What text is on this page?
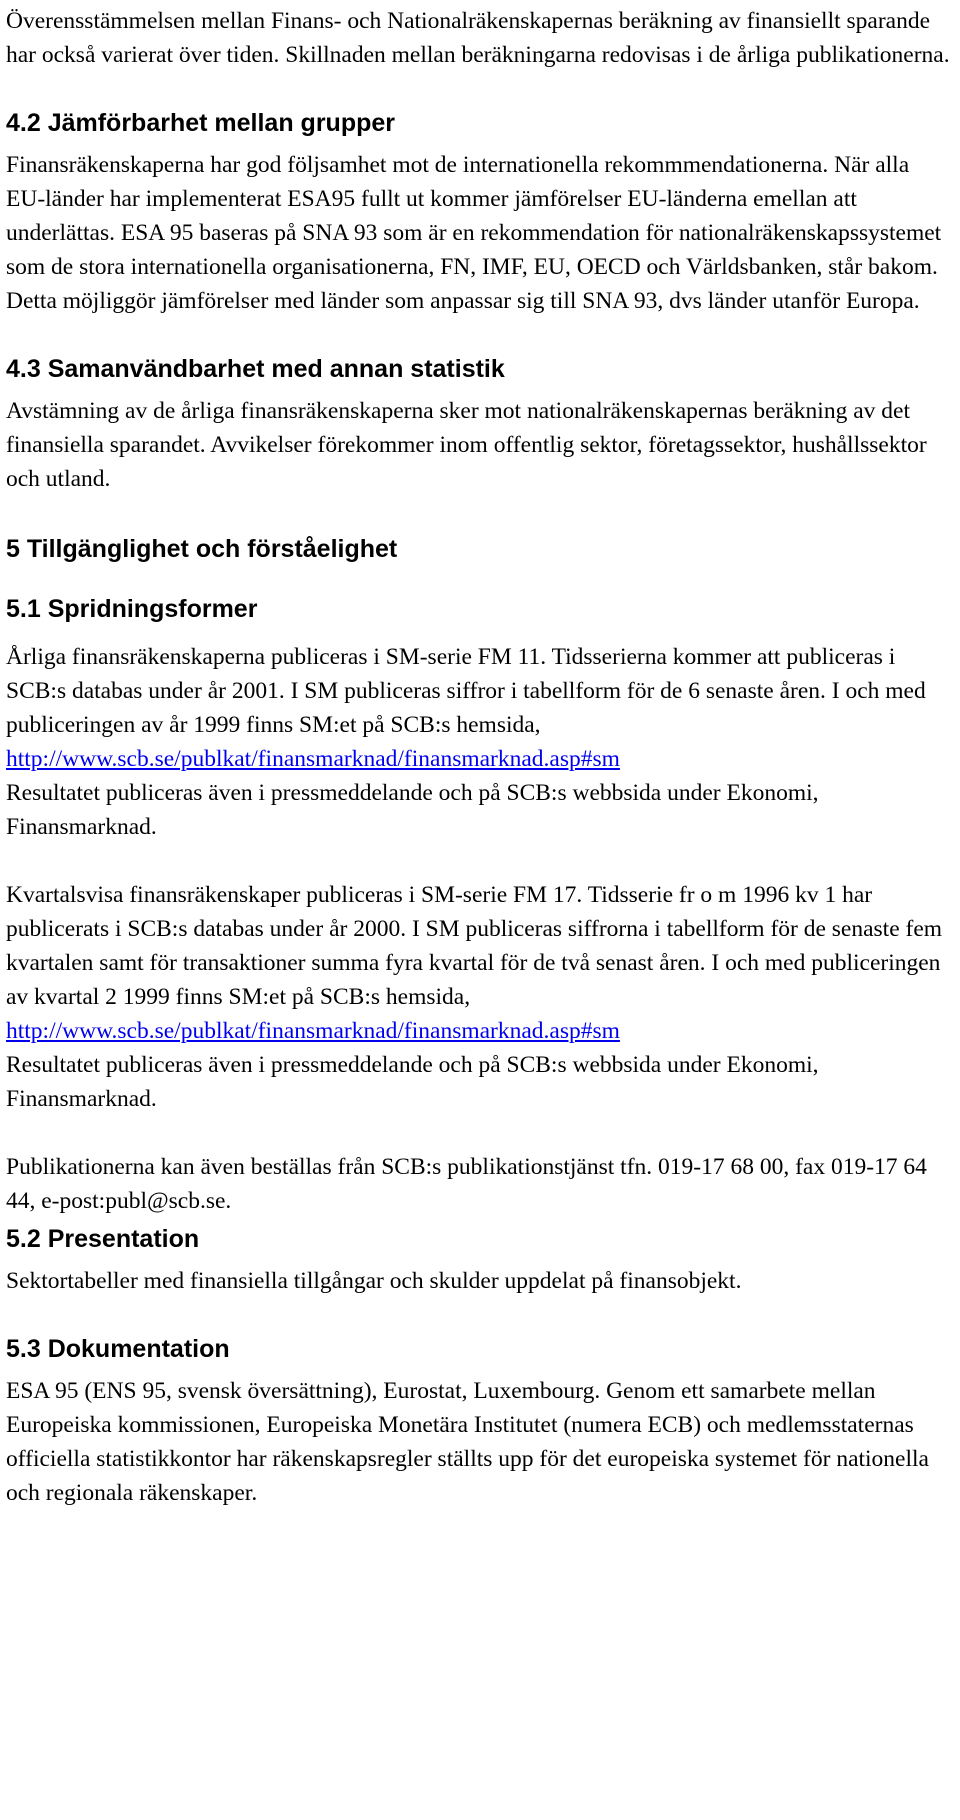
Överensstämmelsen mellan Finans- och Nationalräkenskapernas beräkning av finansiellt sparande har också varierat över tiden. Skillnaden mellan beräkningarna redovisas i de årliga publikationerna.

4.2 Jämförbarhet mellan grupper

Finansräkenskaperna har god följsamhet mot de internationella rekommmendationerna. När alla EU-länder har implementerat ESA95 fullt ut kommer jämförelser EU-länderna emellan att underlättas. ESA 95 baseras på SNA 93 som är en rekommendation för nationalräkenskapssystemet som de stora internationella organisationerna, FN, IMF, EU, OECD och Världsbanken, står bakom. Detta möjliggör jämförelser med länder som anpassar sig till SNA 93, dvs länder utanför Europa.

4.3 Samanvändbarhet med annan statistik

Avstämning av de årliga finansräkenskaperna sker mot nationalräkenskapernas beräkning av det finansiella sparandet. Avvikelser förekommer inom offentlig sektor, företagssektor, hushållssektor och utland.

5 Tillgänglighet och förståelighet
5.1 Spridningsformer

Årliga finansräkenskaperna publiceras i SM-serie FM 11. Tidsserierna kommer att publiceras i SCB:s databas under år 2001. I SM publiceras siffror i tabellform för de 6 senaste åren. I och med publiceringen av år 1999 finns SM:et på SCB:s hemsida, http://www.scb.se/publkat/finansmarknad/finansmarknad.asp#sm
Resultatet publiceras även i pressmeddelande och på SCB:s webbsida under Ekonomi, Finansmarknad.

Kvartalsvisa finansräkenskaper publiceras i SM-serie FM 17. Tidsserie fr o m 1996 kv 1 har publicerats i SCB:s databas under år 2000. I SM publiceras siffrorna i tabellform för de senaste fem kvartalen samt för transaktioner summa fyra kvartal för de två senast åren. I och med publiceringen av kvartal 2 1999 finns SM:et på SCB:s hemsida,
http://www.scb.se/publkat/finansmarknad/finansmarknad.asp#sm
Resultatet publiceras även i pressmeddelande och på SCB:s webbsida under Ekonomi, Finansmarknad.

Publikationerna kan även beställas från SCB:s publikationstjänst tfn. 019-17 68 00, fax 019-17 64 44, e-post:publ@scb.se.

5.2 Presentation

Sektortabeller med finansiella tillgångar och skulder uppdelat på finansobjekt.

5.3 Dokumentation

ESA 95 (ENS 95, svensk översättning), Eurostat, Luxembourg. Genom ett samarbete mellan Europeiska kommissionen, Europeiska Monetära Institutet (numera ECB) och medlemsstaternas officiella statistikkontor har räkenskapsregler ställts upp för det europeiska systemet för nationella och regionala räkenskaper.
